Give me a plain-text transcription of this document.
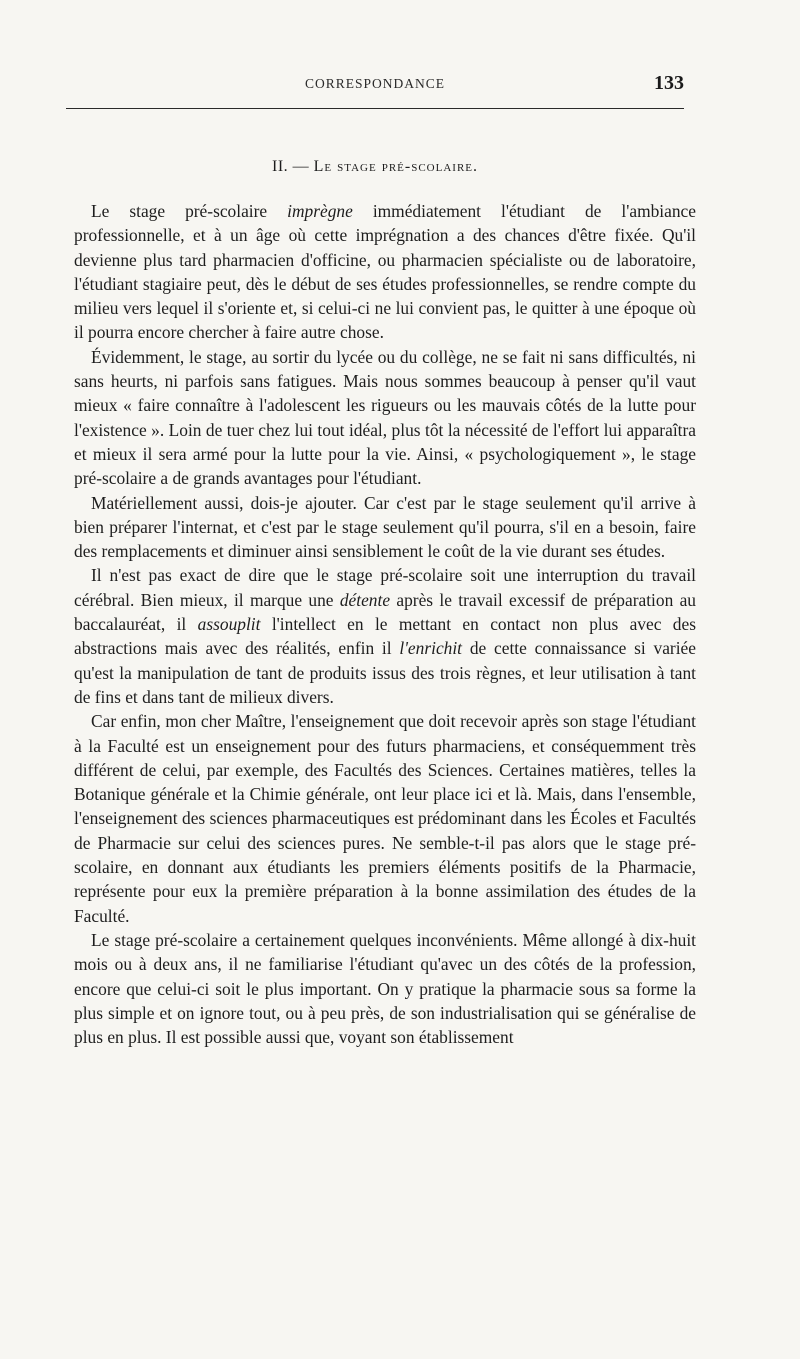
CORRESPONDANCE	133
II. — Le stage pré-scolaire.

Le stage pré-scolaire imprègne immédiatement l'étudiant de l'ambiance professionnelle, et à un âge où cette imprégnation a des chances d'être fixée. Qu'il devienne plus tard pharmacien d'officine, ou pharmacien spécialiste ou de laboratoire, l'étudiant stagiaire peut, dès le début de ses études professionnelles, se rendre compte du milieu vers lequel il s'oriente et, si celui-ci ne lui convient pas, le quitter à une époque où il pourra encore chercher à faire autre chose.

Évidemment, le stage, au sortir du lycée ou du collège, ne se fait ni sans difficultés, ni sans heurts, ni parfois sans fatigues. Mais nous sommes beaucoup à penser qu'il vaut mieux « faire connaître à l'adolescent les rigueurs ou les mauvais côtés de la lutte pour l'existence ». Loin de tuer chez lui tout idéal, plus tôt la nécessité de l'effort lui apparaîtra et mieux il sera armé pour la lutte pour la vie. Ainsi, « psychologiquement », le stage pré-scolaire a de grands avantages pour l'étudiant.

Matériellement aussi, dois-je ajouter. Car c'est par le stage seulement qu'il arrive à bien préparer l'internat, et c'est par le stage seulement qu'il pourra, s'il en a besoin, faire des remplacements et diminuer ainsi sensiblement le coût de la vie durant ses études.

Il n'est pas exact de dire que le stage pré-scolaire soit une interruption du travail cérébral. Bien mieux, il marque une détente après le travail excessif de préparation au baccalauréat, il assouplit l'intellect en le mettant en contact non plus avec des abstractions mais avec des réalités, enfin il l'enrichit de cette connaissance si variée qu'est la manipulation de tant de produits issus des trois règnes, et leur utilisation à tant de fins et dans tant de milieux divers.

Car enfin, mon cher Maître, l'enseignement que doit recevoir après son stage l'étudiant à la Faculté est un enseignement pour des futurs pharmaciens, et conséquemment très différent de celui, par exemple, des Facultés des Sciences. Certaines matières, telles la Botanique générale et la Chimie générale, ont leur place ici et là. Mais, dans l'ensemble, l'enseignement des sciences pharmaceutiques est prédominant dans les Écoles et Facultés de Pharmacie sur celui des sciences pures. Ne semble-t-il pas alors que le stage pré-scolaire, en donnant aux étudiants les premiers éléments positifs de la Pharmacie, représente pour eux la première préparation à la bonne assimilation des études de la Faculté.

Le stage pré-scolaire a certainement quelques inconvénients. Même allongé à dix-huit mois ou à deux ans, il ne familiarise l'étudiant qu'avec un des côtés de la profession, encore que celui-ci soit le plus important. On y pratique la pharmacie sous sa forme la plus simple et on ignore tout, ou à peu près, de son industrialisation qui se généralise de plus en plus. Il est possible aussi que, voyant son établissement
